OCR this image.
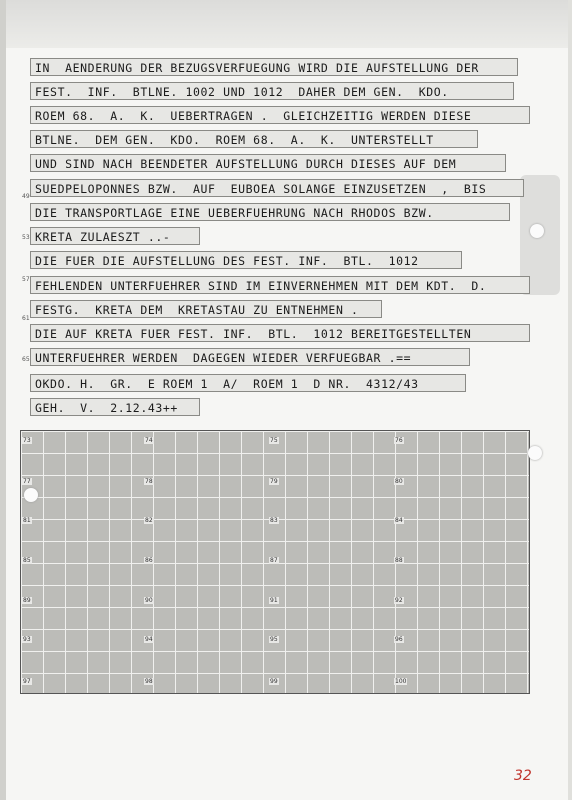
IN  AENDERUNG DER BEZUGSVERFUEGUNG WIRD DIE AUFSTELLUNG DER
FEST.  INF.  BTLNE. 1002 UND 1012  DAHER DEM GEN.  KDO.
ROEM 68.  A.  K.  UEBERTRAGEN .  GLEICHZEITIG WERDEN DIESE
BTLNE.  DEM GEN.  KDO.  ROEM 68.  A.  K.  UNTERSTELLT
UND SIND NACH BEENDETER AUFSTELLUNG DURCH DIESES AUF DEM
SUEDPELOPONNES BZW.  AUF  EUBOEA SOLANGE EINZUSETZEN  ,  BIS
DIE TRANSPORTLAGE EINE UEBERFUEHRUNG NACH RHODOS BZW.
KRETA ZULAESZT ..-
DIE FUER DIE AUFSTELLUNG DES FEST. INF.  BTL.  1012
FEHLENDEN UNTERFUEHRER SIND IM EINVERNEHMEN MIT DEM KDT.  D.
FESTG.  KRETA DEM  KRETASTAU ZU ENTNEHMEN .
DIE AUF KRETA FUER FEST. INF.  BTL.  1012 BEREITGESTELLTEN
UNTERFUEHRER WERDEN  DAGEGEN WIEDER VERFUEGBAR .==
OKDO. H.  GR.  E ROEM 1  A/  ROEM 1  D NR.  4312/43
GEH.  V.  2.12.43++
49
53
57
61
65
73
77
81
85
89
93
97
74
78
82
86
90
94
98
75
79
83
87
91
95
99
76
80
84
88
92
96
100
32
